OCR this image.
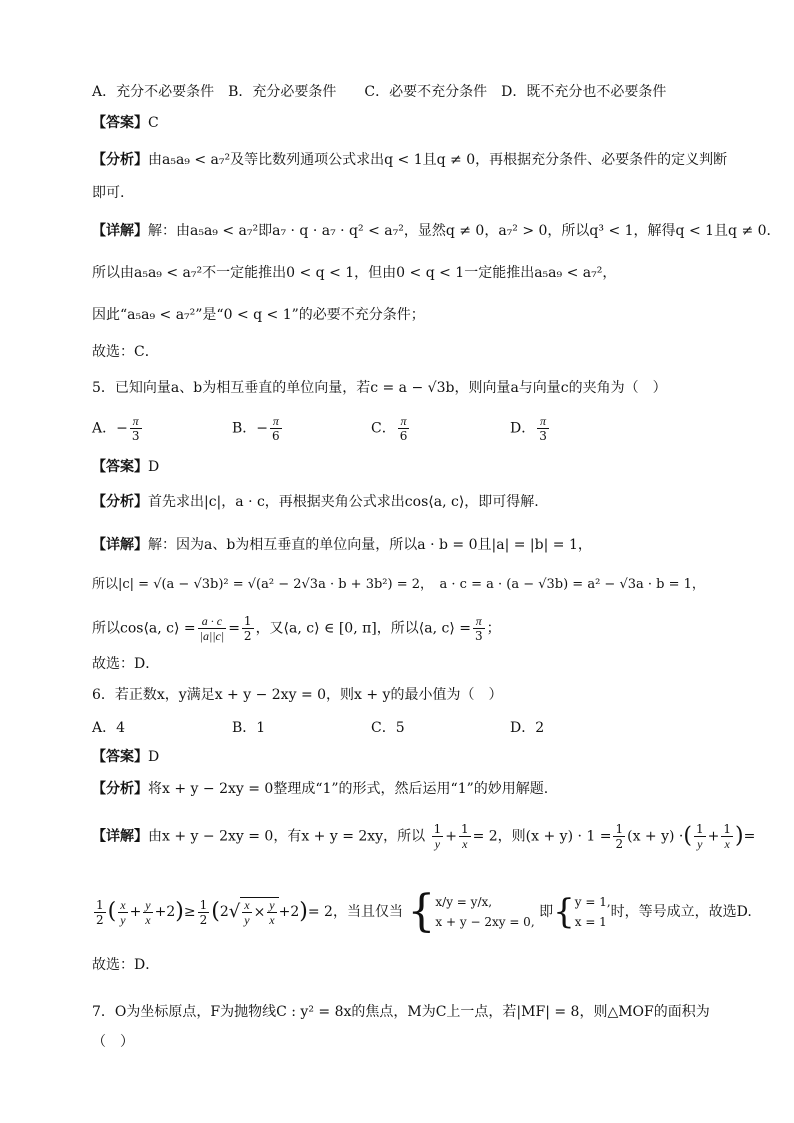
A．充分不必要条件　B．充分必要条件　　C．必要不充分条件　D．既不充分也不必要条件
【答案】C
【分析】由a₅a₉ < a₇²及等比数列通项公式求出q < 1且q ≠ 0，再根据充分条件、必要条件的定义判断
即可.
【详解】解：由a₅a₉ < a₇²即a₇ · q · a₇ · q² < a₇²，显然q ≠ 0，a₇² > 0，所以q³ < 1，解得q < 1且q ≠ 0．
所以由a₅a₉ < a₇²不一定能推出0 < q < 1，但由0 < q < 1一定能推出a₅a₉ < a₇²，
因此“a₅a₉ < a₇²”是“0 < q < 1”的必要不充分条件；
故选：C．
5．已知向量a、b为相互垂直的单位向量，若c = a − √3b，则向量a与向量c的夹角为（　）
A．− $\frac{\pi}{3}$	B．− $\frac{\pi}{6}$	C． $\frac{\pi}{6}$	D． $\frac{\pi}{3}$
【答案】D
【分析】首先求出|c|，a · c，再根据夹角公式求出cos⟨a, c⟩，即可得解.
【详解】解：因为a、b为相互垂直的单位向量，所以a · b = 0且|a| = |b| = 1，
所以|c| = √(a − √3b)² = √(a² − 2√3a · b + 3b²) = 2，　a · c = a · (a − √3b) = a² − √3a · b = 1，
所以cos⟨a, c⟩ = $\frac{a \cdot c}{|a||c|} = \frac{1}{2}$ ，又⟨a, c⟩ ∈ [0, π]，所以⟨a, c⟩ = $\frac{\pi}{3}$ ；
故选：D．
6．若正数x，y满足x + y − 2xy = 0，则x + y的最小值为（　）
A．4	B．1	C．5	D．2
【答案】D
【分析】将x + y − 2xy = 0整理成“1”的形式，然后运用“1”的妙用解题.
【详解】由x + y − 2xy = 0，有x + y = 2xy，所以 $\frac{1}{y} + \frac{1}{x} = 2$，则$(x + y) \cdot 1 = \frac{1}{2} (x + y)$ ·( $\frac{1}{y} + \frac{1}{x}$ )=
$\frac{1}{2}$ ( $\frac{x}{y} + \frac{y}{x} +2)\ge \frac{1}{2} (2√ \frac{x}{y} \times \frac{y}{x} +2)= 2$，当且仅当 { x/y = y/x,
x + y − 2xy = 0,
即{ y = 1,
x = 1
时，等号成立，故选D.
故选：D．
7．O为坐标原点，F为抛物线C : y² = 8x的焦点，M为C上一点，若|MF| = 8，则△MOF的面积为
（　）
